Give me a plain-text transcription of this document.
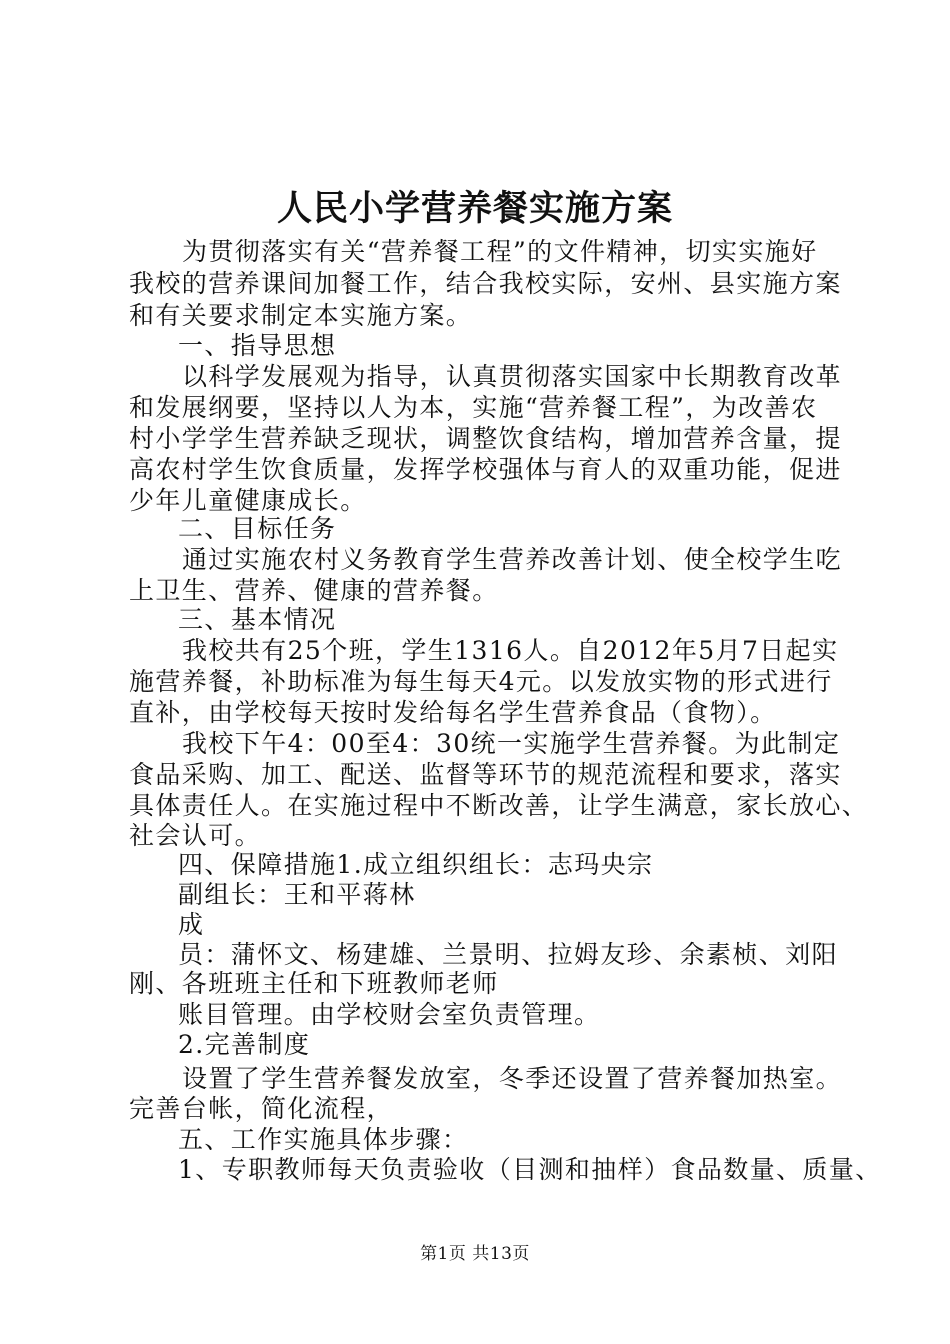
人民小学营养餐实施方案
为贯彻落实有关“营养餐工程”的文件精神，切实实施好
我校的营养课间加餐工作，结合我校实际，安州、县实施方案
和有关要求制定本实施方案。
一、指导思想
以科学发展观为指导，认真贯彻落实国家中长期教育改革
和发展纲要，坚持以人为本，实施“营养餐工程”，为改善农
村小学学生营养缺乏现状，调整饮食结构，增加营养含量，提
高农村学生饮食质量，发挥学校强体与育人的双重功能，促进
少年儿童健康成长。
二、目标任务
通过实施农村义务教育学生营养改善计划、使全校学生吃
上卫生、营养、健康的营养餐。
三、基本情况
我校共有25个班，学生1316人。自2012年5月7日起实
施营养餐，补助标准为每生每天4元。以发放实物的形式进行
直补，由学校每天按时发给每名学生营养食品（食物）。
我校下午4：00至4：30统一实施学生营养餐。为此制定
食品采购、加工、配送、监督等环节的规范流程和要求，落实
具体责任人。在实施过程中不断改善，让学生满意，家长放心、
社会认可。
四、保障措施1.成立组织组长：志玛央宗
副组长：王和平蒋林
成
员：蒲怀文、杨建雄、兰景明、拉姆友珍、余素桢、刘阳
刚、各班班主任和下班教师老师
账目管理。由学校财会室负责管理。
2.完善制度
设置了学生营养餐发放室，冬季还设置了营养餐加热室。
完善台帐，简化流程，
五、工作实施具体步骤：
1、专职教师每天负责验收（目测和抽样）食品数量、质量、
第1页 共13页
